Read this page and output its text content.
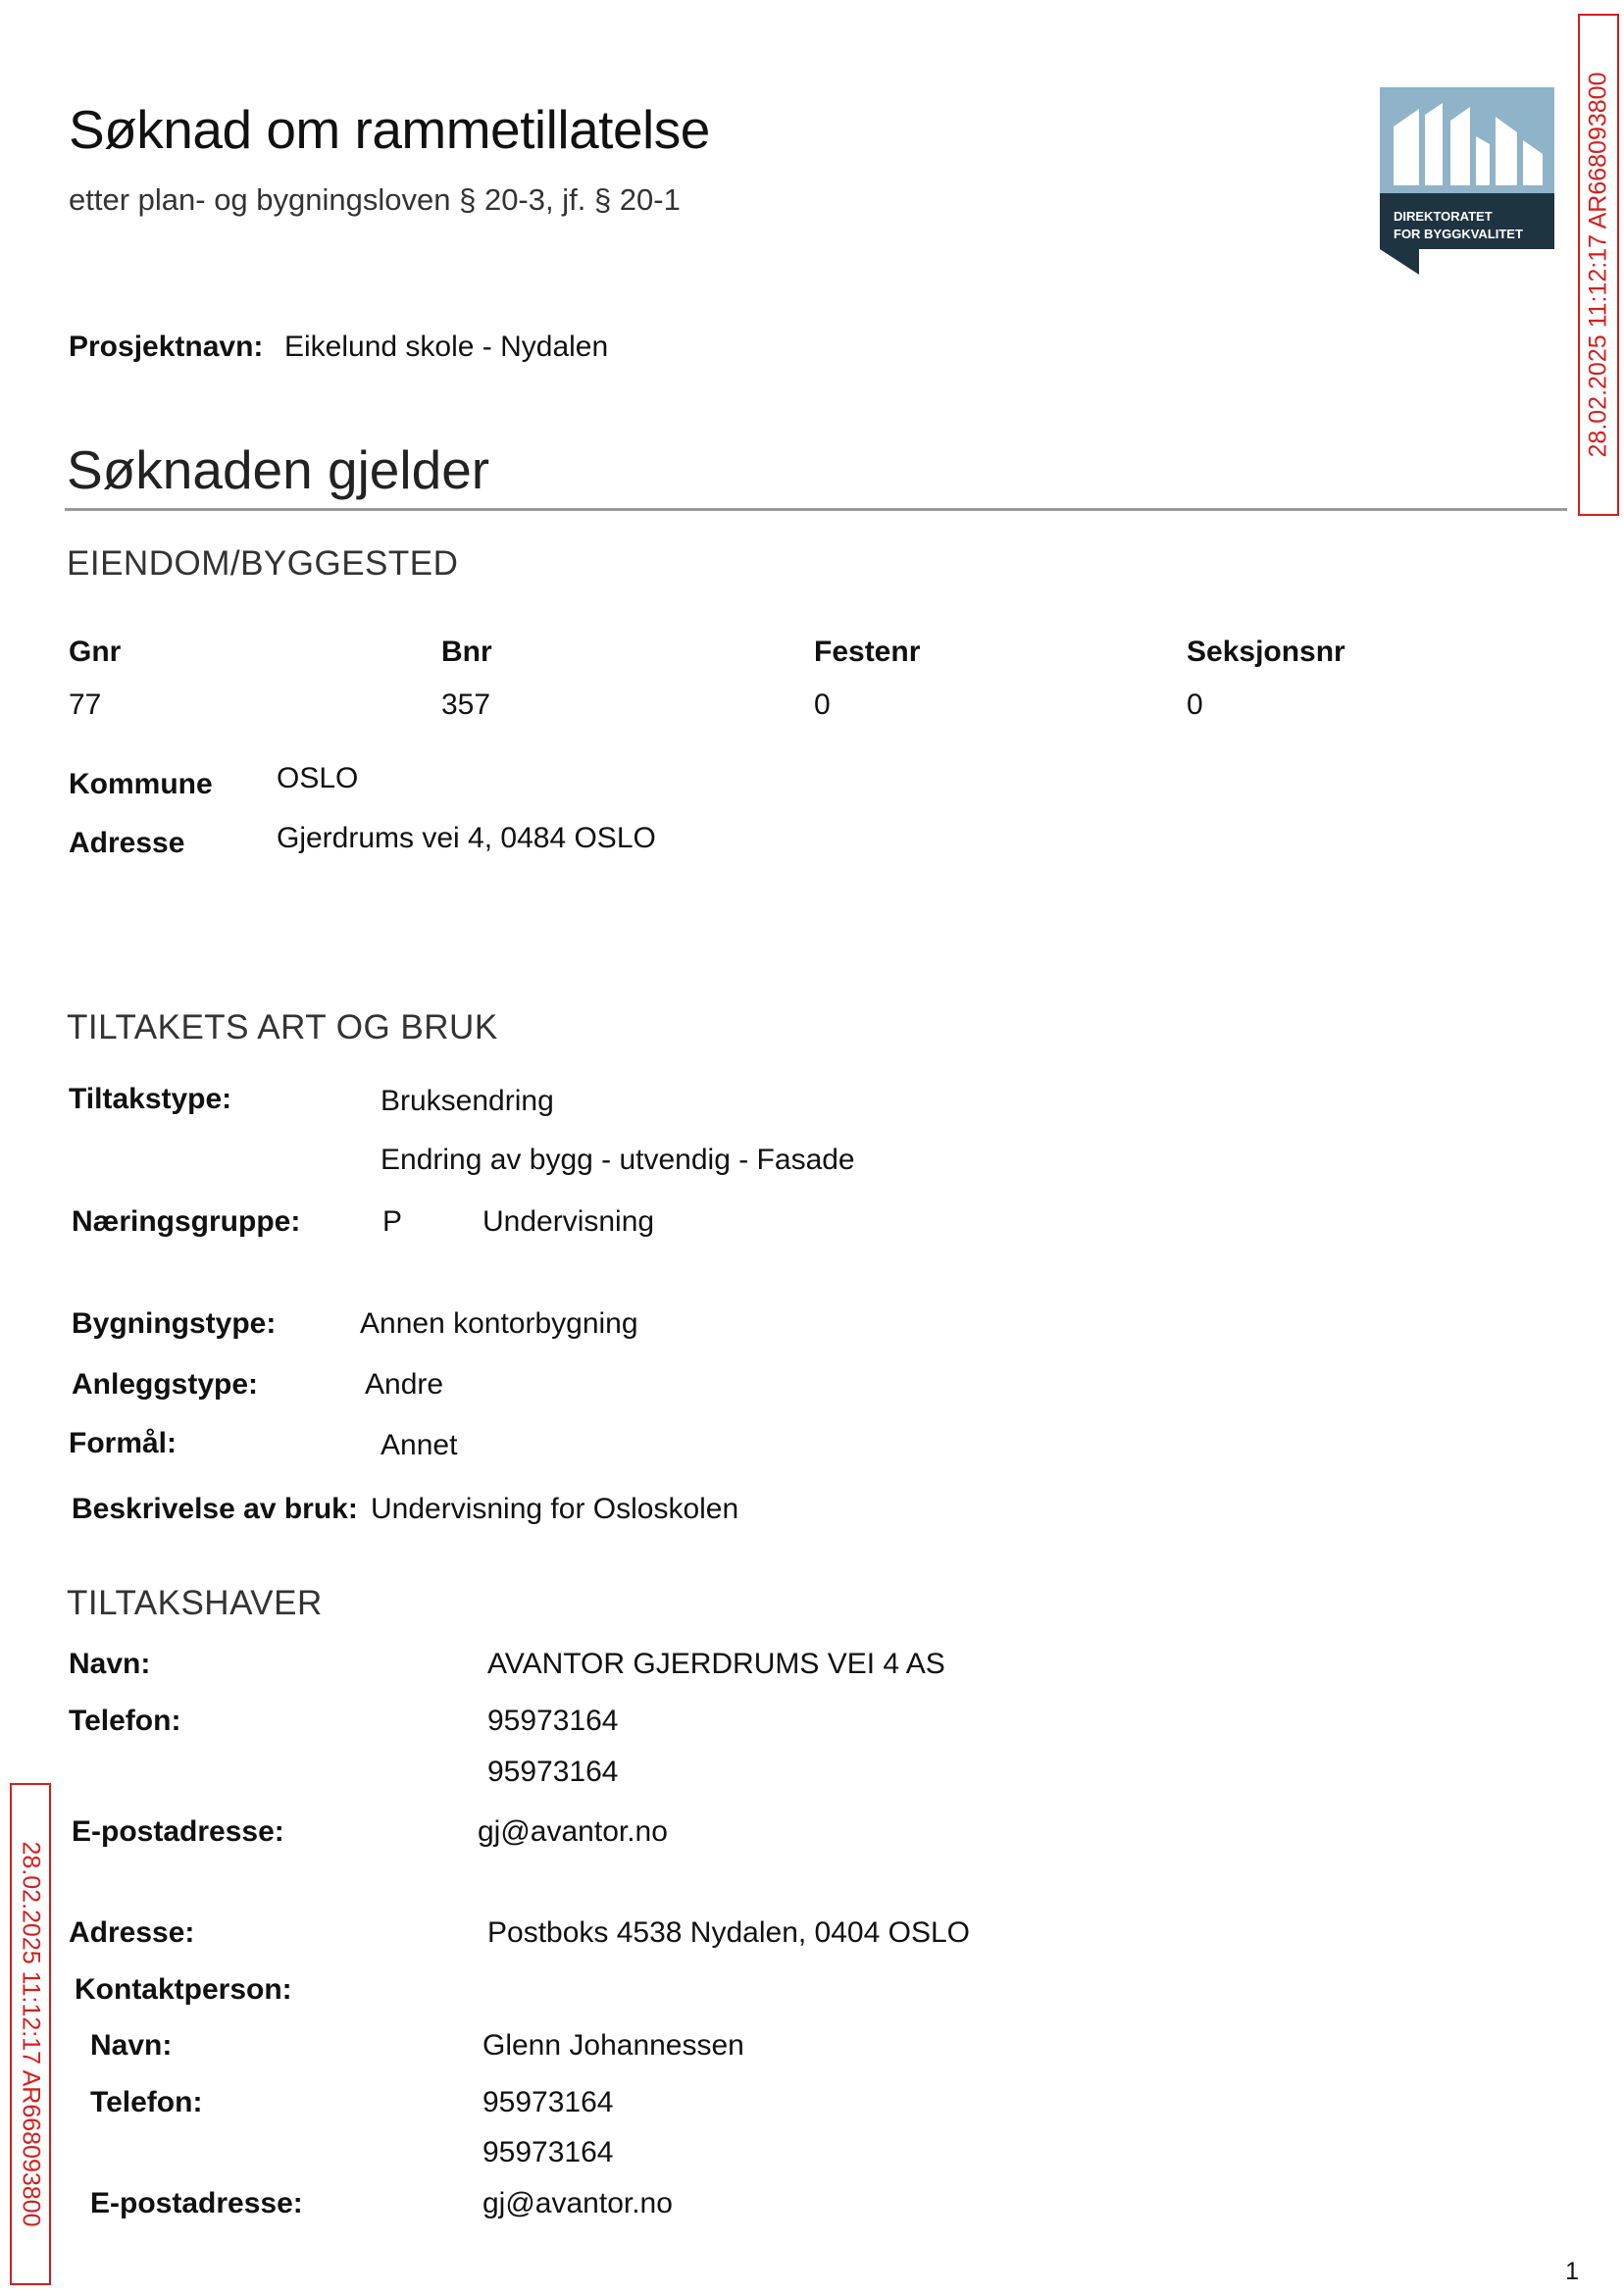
Søknad om rammetillatelse
etter plan- og bygningsloven § 20-3, jf. § 20-1
Prosjektnavn: Eikelund skole - Nydalen
DIREKTORATET
FOR BYGGKVALITET	28.02.2025 11:12:17 AR668093800
28.02.2025 11:12:17 AR668093800
Søknaden gjelder
EIENDOM/BYGGESTED
Gnr	Bnr	Festenr	Seksjonsnr
77	357	0	0
Kommune OSLO
Adresse	Gjerdrums vei 4, 0484 OSLO
TILTAKETS ART OG BRUK
Tiltakstype:	Bruksendring
Endring av bygg - utvendig - Fasade
Næringsgruppe:	P	Undervisning
Bygningstype:	Annen kontorbygning
Anleggstype:	Andre
Formål:	Annet
Beskrivelse av bruk: Undervisning for Osloskolen
TILTAKSHAVER
Navn:	AVANTOR GJERDRUMS VEI 4 AS
Telefon:	95973164
95973164
E-postadresse:	gj@avantor.no
Adresse:	Postboks 4538 Nydalen, 0404 OSLO
Kontaktperson:
Navn:	Glenn Johannessen
Telefon:	95973164
95973164
E-postadresse:	gj@avantor.no
1
